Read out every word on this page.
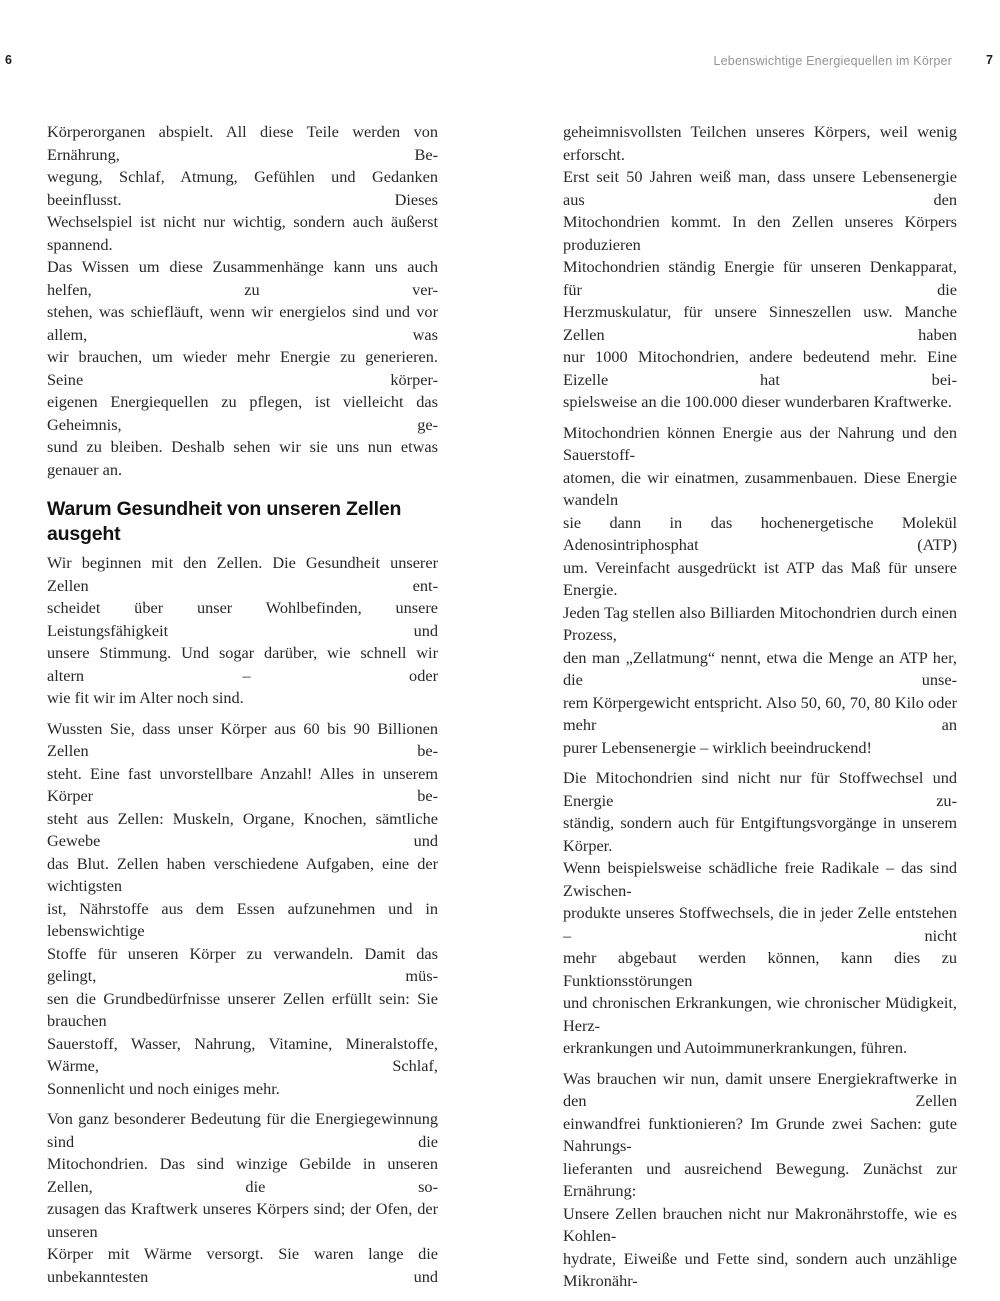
6	Lebenswichtige Energiequellen im Körper	7
Körperorganen abspielt. All diese Teile werden von Ernährung, Be-
wegung, Schlaf, Atmung, Gefühlen und Gedanken beeinflusst. Dieses
Wechselspiel ist nicht nur wichtig, sondern auch äußerst spannend.
Das Wissen um diese Zusammenhänge kann uns auch helfen, zu ver-
stehen, was schiefläuft, wenn wir energielos sind und vor allem, was
wir brauchen, um wieder mehr Energie zu generieren. Seine körper-
eigenen Energiequellen zu pflegen, ist vielleicht das Geheimnis, ge-
sund zu bleiben. Deshalb sehen wir sie uns nun etwas genauer an.
Warum Gesundheit von unseren Zellen ausgeht
Wir beginnen mit den Zellen. Die Gesundheit unserer Zellen ent-
scheidet über unser Wohlbefinden, unsere Leistungsfähigkeit und
unsere Stimmung. Und sogar darüber, wie schnell wir altern – oder
wie fit wir im Alter noch sind.
Wussten Sie, dass unser Körper aus 60 bis 90 Billionen Zellen be-
steht. Eine fast unvorstellbare Anzahl! Alles in unserem Körper be-
steht aus Zellen: Muskeln, Organe, Knochen, sämtliche Gewebe und
das Blut. Zellen haben verschiedene Aufgaben, eine der wichtigsten
ist, Nährstoffe aus dem Essen aufzunehmen und in lebenswichtige
Stoffe für unseren Körper zu verwandeln. Damit das gelingt, müs-
sen die Grundbedürfnisse unserer Zellen erfüllt sein: Sie brauchen
Sauerstoff, Wasser, Nahrung, Vitamine, Mineralstoffe, Wärme, Schlaf,
Sonnenlicht und noch einiges mehr.
Von ganz besonderer Bedeutung für die Energiegewinnung sind die
Mitochondrien. Das sind winzige Gebilde in unseren Zellen, die so-
zusagen das Kraftwerk unseres Körpers sind; der Ofen, der unseren
Körper mit Wärme versorgt. Sie waren lange die unbekanntesten und
geheimnisvollsten Teilchen unseres Körpers, weil wenig erforscht.
Erst seit 50 Jahren weiß man, dass unsere Lebensenergie aus den
Mitochondrien kommt. In den Zellen unseres Körpers produzieren
Mitochondrien ständig Energie für unseren Denkapparat, für die
Herzmuskulatur, für unsere Sinneszellen usw. Manche Zellen haben
nur 1000 Mitochondrien, andere bedeutend mehr. Eine Eizelle hat bei-
spielsweise an die 100.000 dieser wunderbaren Kraftwerke.
Mitochondrien können Energie aus der Nahrung und den Sauerstoff-
atomen, die wir einatmen, zusammenbauen. Diese Energie wandeln
sie dann in das hochenergetische Molekül Adenosintriphosphat (ATP)
um. Vereinfacht ausgedrückt ist ATP das Maß für unsere Energie.
Jeden Tag stellen also Billiarden Mitochondrien durch einen Prozess,
den man „Zellatmung“ nennt, etwa die Menge an ATP her, die unse-
rem Körpergewicht entspricht. Also 50, 60, 70, 80 Kilo oder mehr an
purer Lebensenergie – wirklich beeindruckend!
Die Mitochondrien sind nicht nur für Stoffwechsel und Energie zu-
ständig, sondern auch für Entgiftungsvorgänge in unserem Körper.
Wenn beispielsweise schädliche freie Radikale – das sind Zwischen-
produkte unseres Stoffwechsels, die in jeder Zelle entstehen – nicht
mehr abgebaut werden können, kann dies zu Funktionsstörungen
und chronischen Erkrankungen, wie chronischer Müdigkeit, Herz-
erkrankungen und Autoimmunerkrankungen, führen.
Was brauchen wir nun, damit unsere Energiekraftwerke in den Zellen
einwandfrei funktionieren? Im Grunde zwei Sachen: gute Nahrungs-
lieferanten und ausreichend Bewegung. Zunächst zur Ernährung:
Unsere Zellen brauchen nicht nur Makronährstoffe, wie es Kohlen-
hydrate, Eiweiße und Fette sind, sondern auch unzählige Mikronähr-
